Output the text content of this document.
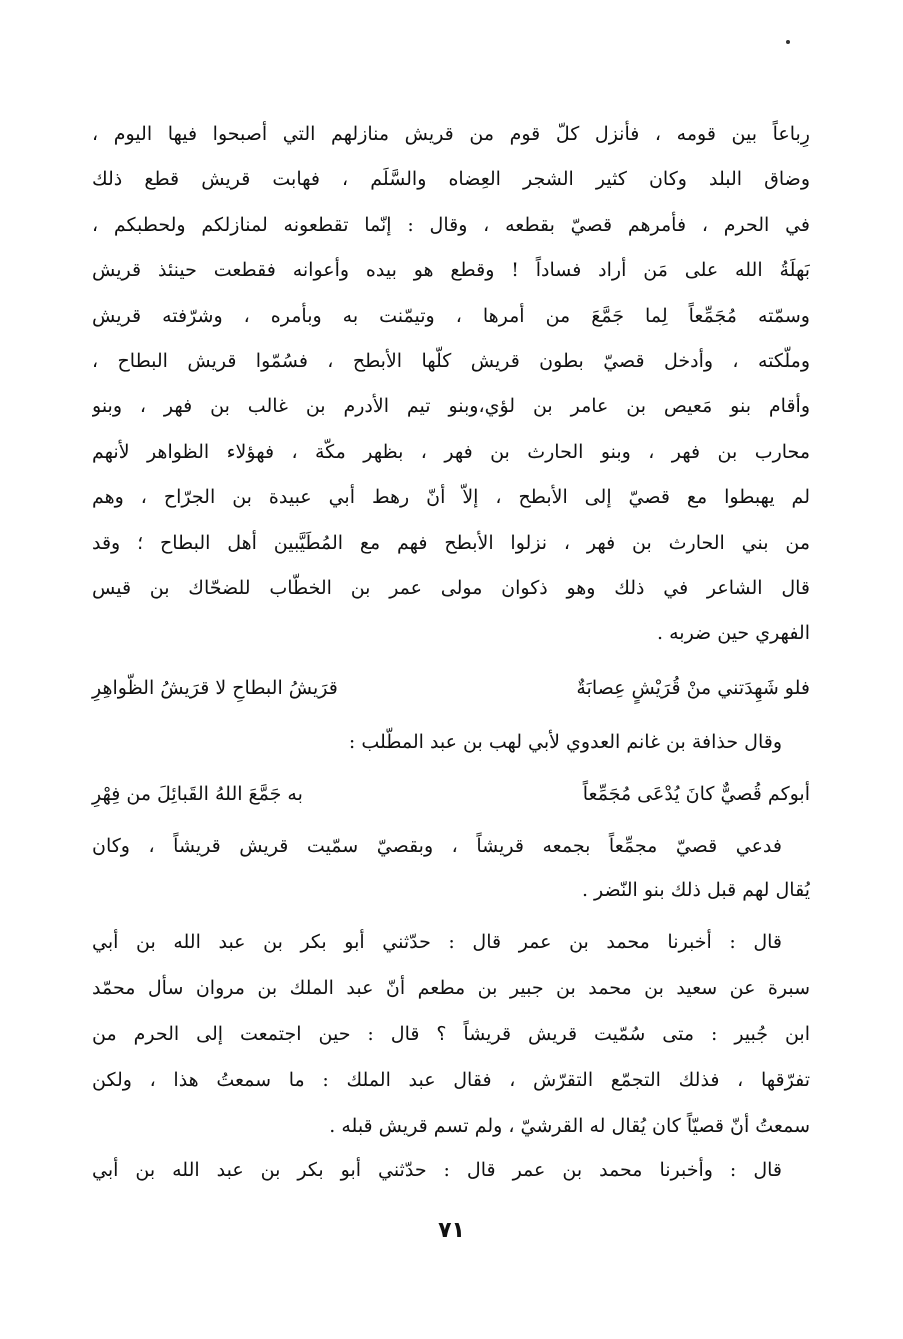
رِباعاً بين قومه ، فأنزل كلّ قوم من قريش منازلهم التي أصبحوا فيها اليوم ،
وضاق البلد وكان كثير الشجر العِضاه والسَّلَم ، فهابت قريش قطع ذلك
في الحرم ، فأمرهم قصيّ بقطعه ، وقال : إنّما تقطعونه لمنازلكم ولحطبكم ،
بَهلَةُ الله على مَن أراد فساداً ! وقطع هو بيده وأعوانه فقطعت حينئذ قريش
وسمّته مُجَمِّعاً لِما جَمَّعَ من أمرها ، وتيمّنت به وبأمره ، وشرّفته قريش
وملّكته ، وأدخل قصيّ بطون قريش كلّها الأبطح ، فسُمّوا قريش البطاح ،
وأقام بنو مَعيص بن عامر بن لؤي،وبنو تيم الأدرم بن غالب بن فهر ، وبنو
محارب بن فهر ، وبنو الحارث بن فهر ، بظهر مكّة ، فهؤلاء الظواهر لأنهم
لم يهبطوا مع قصيّ إلى الأبطح ، إلاّ أنّ رهط أبي عبيدة بن الجرّاح ، وهم
من بني الحارث بن فهر ، نزلوا الأبطح فهم مع المُطَيَّبين أهل البطاح ؛ وقد
قال الشاعر في ذلك وهو ذكوان مولى عمر بن الخطّاب للضحّاك بن قيس
الفهري حين ضربه .
فلو شَهِدَتني منْ قُرَيْشٍ عِصابَةٌ
قرَيشُ البطاحِ لا قرَيشُ الظّواهِرِ
وقال حذافة بن غانم العدوي لأبي لهب بن عبد المطّلب :
أبوكم قُصيٌّ كانَ يُدْعَى مُجَمِّعاً
به جَمَّعَ اللهُ القَبائِلَ من فِهْرِ
فدعي قصيّ مجمِّعاً بجمعه قريشاً ، وبقصيّ سمّيت قريش قريشاً ، وكان
يُقال لهم قبل ذلك بنو النّضر .
قال : أخبرنا محمد بن عمر قال : حدّثني أبو بكر بن عبد الله بن أبي
سبرة عن سعيد بن محمد بن جبير بن مطعم أنّ عبد الملك بن مروان سأل محمّد
ابن جُبير : متى سُمّيت قريش قريشاً ؟ قال : حين اجتمعت إلى الحرم من
تفرّقها ، فذلك التجمّع التقرّش ، فقال عبد الملك : ما سمعتُ هذا ، ولكن
سمعتُ أنّ قصيّاً كان يُقال له القرشيّ ، ولم تسم قريش قبله .
قال : وأخبرنا محمد بن عمر قال : حدّثني أبو بكر بن عبد الله بن أبي
٧١
